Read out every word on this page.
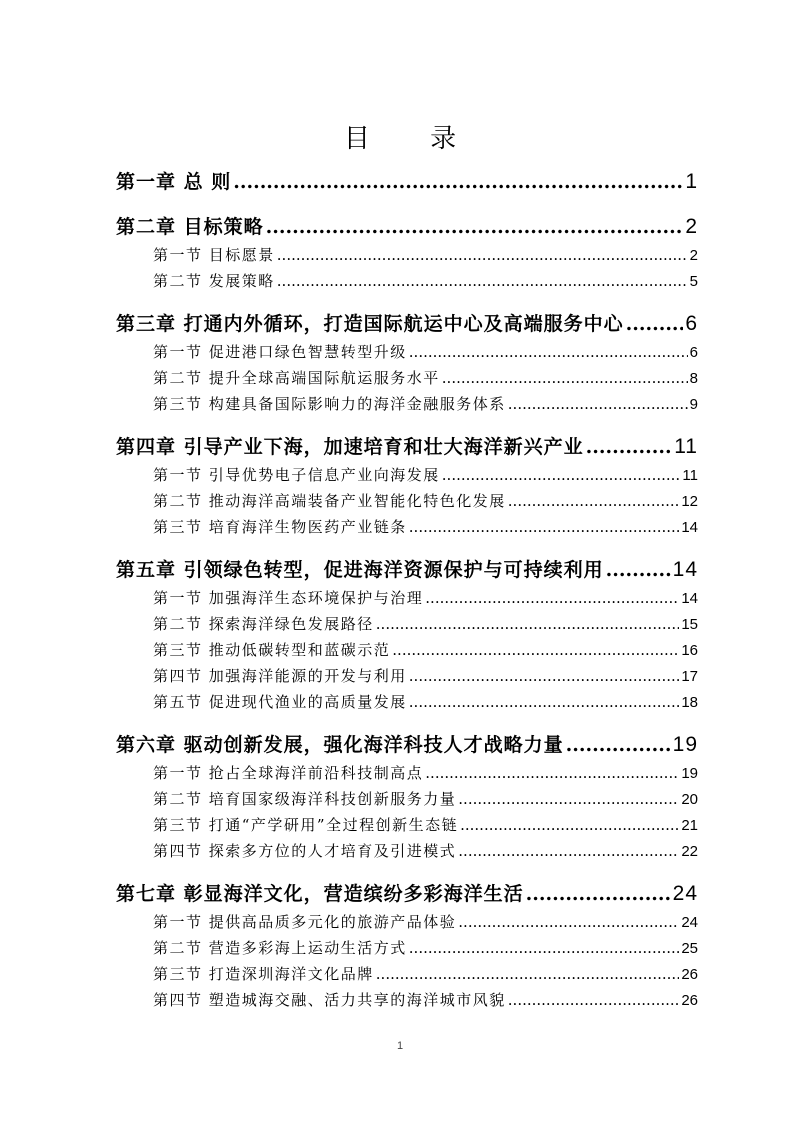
目 录
第一章 总 则 .....	1
第二章 目标策略 .....	2
第一节 目标愿景 .....	2
第二节 发展策略 .....	5
第三章 打通内外循环，打造国际航运中心及高端服务中心 .....	6
第一节 促进港口绿色智慧转型升级 .....	6
第二节 提升全球高端国际航运服务水平 .....	8
第三节 构建具备国际影响力的海洋金融服务体系 .....	9
第四章 引导产业下海，加速培育和壮大海洋新兴产业 .....	11
第一节 引导优势电子信息产业向海发展 .....	11
第二节 推动海洋高端装备产业智能化特色化发展 .....	12
第三节 培育海洋生物医药产业链条 .....	14
第五章 引领绿色转型，促进海洋资源保护与可持续利用 .....	14
第一节 加强海洋生态环境保护与治理 .....	14
第二节 探索海洋绿色发展路径 .....	15
第三节 推动低碳转型和蓝碳示范 .....	16
第四节 加强海洋能源的开发与利用 .....	17
第五节 促进现代渔业的高质量发展 .....	18
第六章 驱动创新发展，强化海洋科技人才战略力量 .....	19
第一节 抢占全球海洋前沿科技制高点 .....	19
第二节 培育国家级海洋科技创新服务力量 .....	20
第三节 打通“产学研用”全过程创新生态链 .....	21
第四节 探索多方位的人才培育及引进模式 .....	22
第七章 彰显海洋文化，营造缤纷多彩海洋生活 .....	24
第一节 提供高品质多元化的旅游产品体验 .....	24
第二节 营造多彩海上运动生活方式 .....	25
第三节 打造深圳海洋文化品牌 .....	26
第四节 塑造城海交融、活力共享的海洋城市风貌 .....	26
1
